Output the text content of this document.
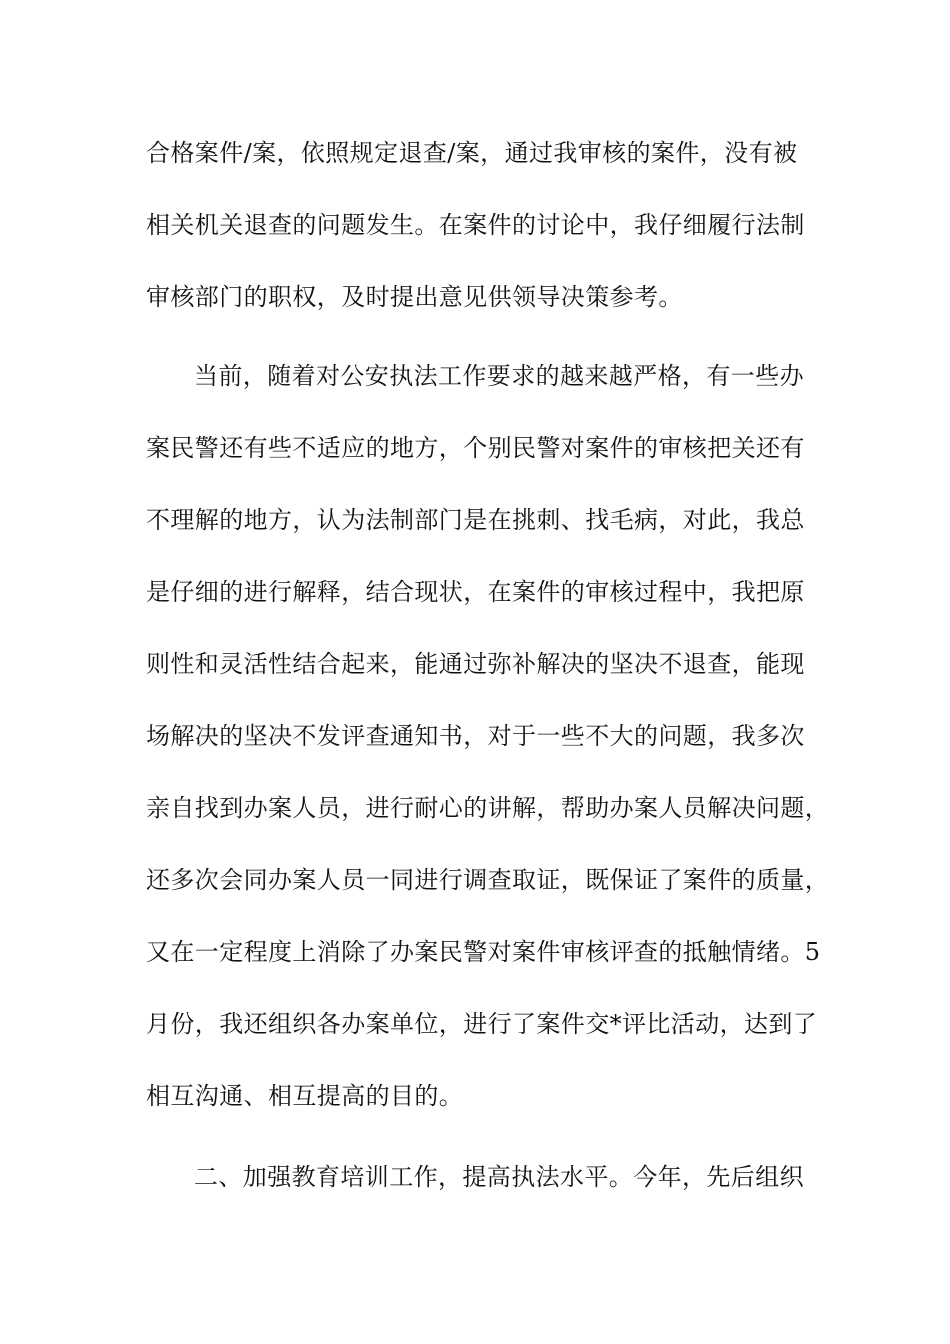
合格案件/案，依照规定退查/案，通过我审核的案件，没有被
相关机关退查的问题发生。在案件的讨论中，我仔细履行法制
审核部门的职权，及时提出意见供领导决策参考。
当前，随着对公安执法工作要求的越来越严格，有一些办
案民警还有些不适应的地方，个别民警对案件的审核把关还有
不理解的地方，认为法制部门是在挑刺、找毛病，对此，我总
是仔细的进行解释，结合现状，在案件的审核过程中，我把原
则性和灵活性结合起来，能通过弥补解决的坚决不退查，能现
场解决的坚决不发评查通知书，对于一些不大的问题，我多次
亲自找到办案人员，进行耐心的讲解，帮助办案人员解决问题，
还多次会同办案人员一同进行调查取证，既保证了案件的质量，
又在一定程度上消除了办案民警对案件审核评查的抵触情绪。5
月份，我还组织各办案单位，进行了案件交*评比活动，达到了
相互沟通、相互提高的目的。
二、加强教育培训工作，提高执法水平。今年，先后组织
